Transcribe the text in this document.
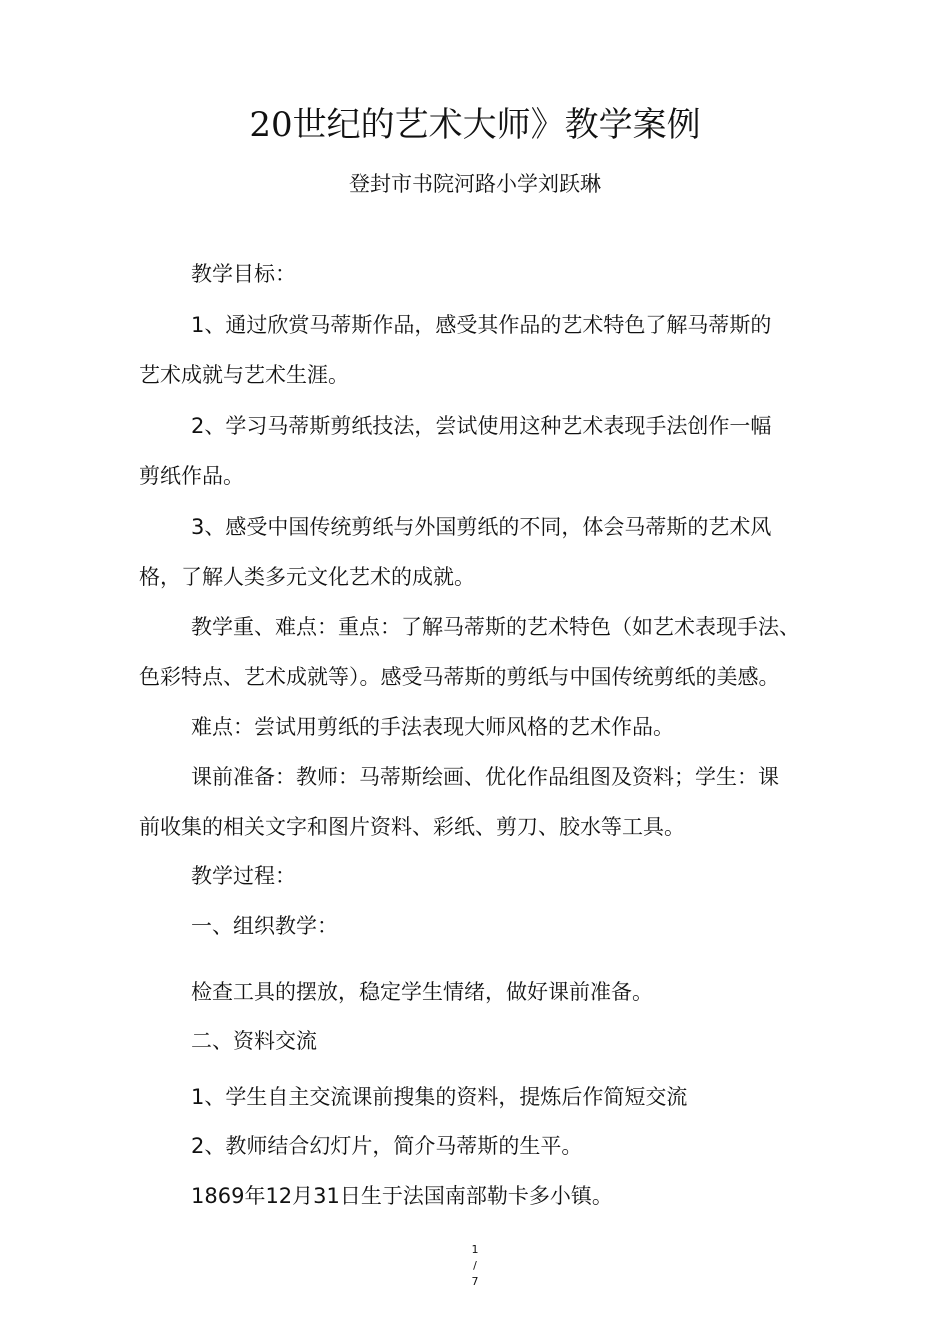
20世纪的艺术大师》教学案例
登封市书院河路小学刘跃琳
教学目标：
1、通过欣赏马蒂斯作品，感受其作品的艺术特色了解马蒂斯的
艺术成就与艺术生涯。
2、学习马蒂斯剪纸技法，尝试使用这种艺术表现手法创作一幅
剪纸作品。
3、感受中国传统剪纸与外国剪纸的不同，体会马蒂斯的艺术风
格，了解人类多元文化艺术的成就。
教学重、难点：重点：了解马蒂斯的艺术特色（如艺术表现手法、
色彩特点、艺术成就等）。感受马蒂斯的剪纸与中国传统剪纸的美感。
难点：尝试用剪纸的手法表现大师风格的艺术作品。
课前准备：教师：马蒂斯绘画、优化作品组图及资料；学生：课
前收集的相关文字和图片资料、彩纸、剪刀、胶水等工具。
教学过程：
一、组织教学：
检查工具的摆放，稳定学生情绪，做好课前准备。
二、资料交流
1、学生自主交流课前搜集的资料，提炼后作简短交流
2、教师结合幻灯片，简介马蒂斯的生平。
1869年12月31日生于法国南部勒卡多小镇。
1
/
7
